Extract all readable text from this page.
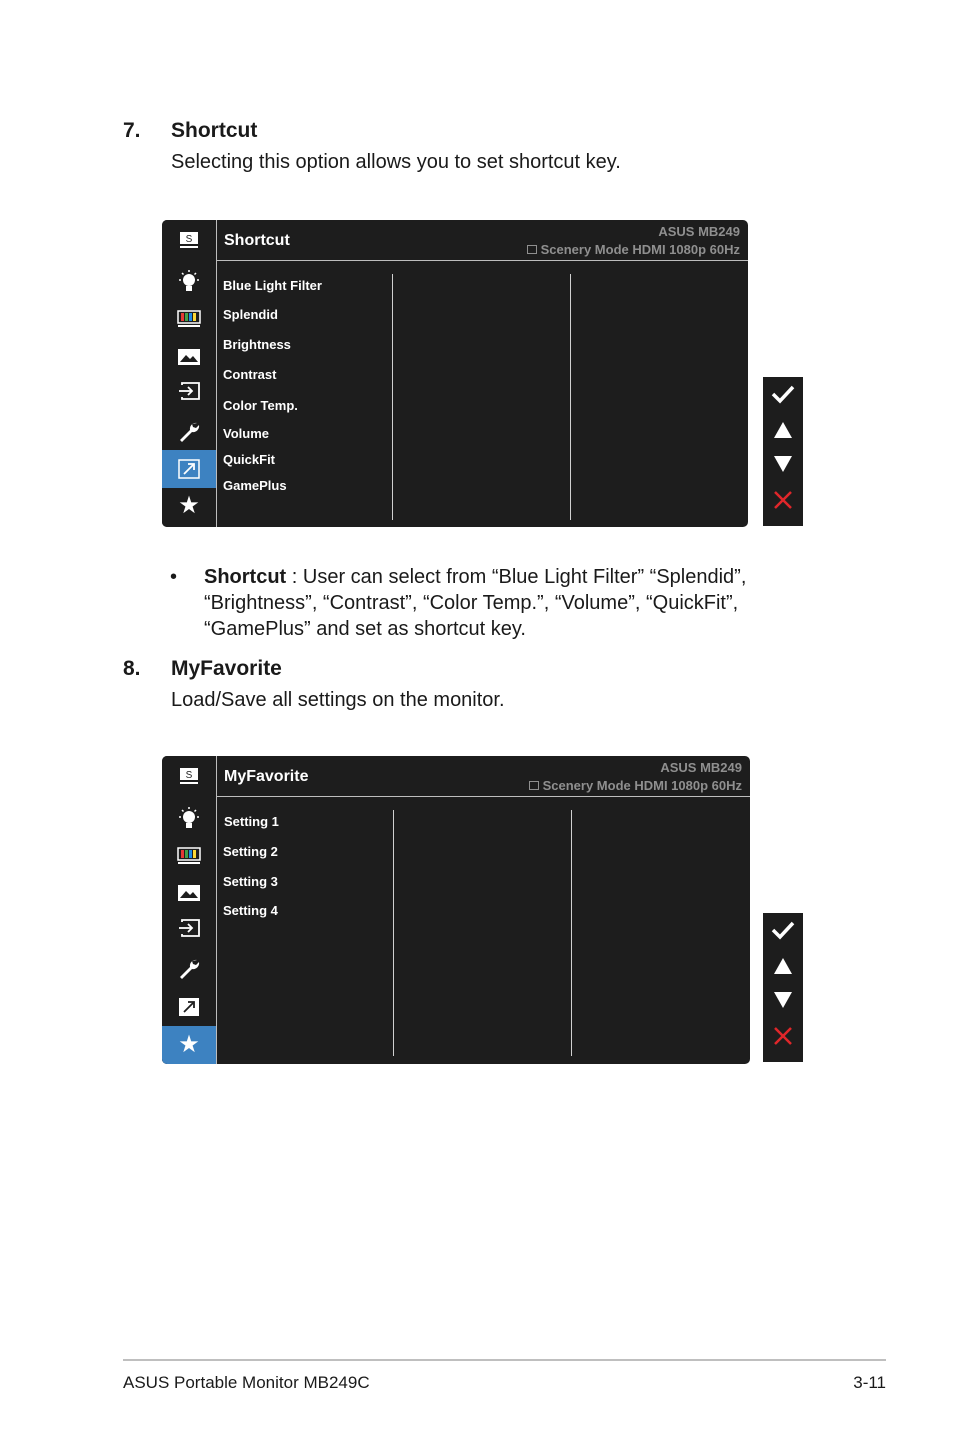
7. Shortcut
Selecting this option allows you to set shortcut key.
S
★
Shortcut
ASUS MB249
Scenery Mode HDMI 1080p 60Hz
Blue Light Filter
Splendid
Brightness
Contrast
Color Temp.
Volume
QuickFit
GamePlus
• Shortcut : User can select from “Blue Light Filter” “Splendid”, “Brightness”, “Contrast”, “Color Temp.”, “Volume”, “QuickFit”, “GamePlus” and set as shortcut key.
8. MyFavorite
Load/Save all settings on the monitor.
S
★
MyFavorite
ASUS MB249
Scenery Mode HDMI 1080p 60Hz
Setting 1
Setting 2
Setting 3
Setting 4
ASUS Portable Monitor MB249C	3-11
